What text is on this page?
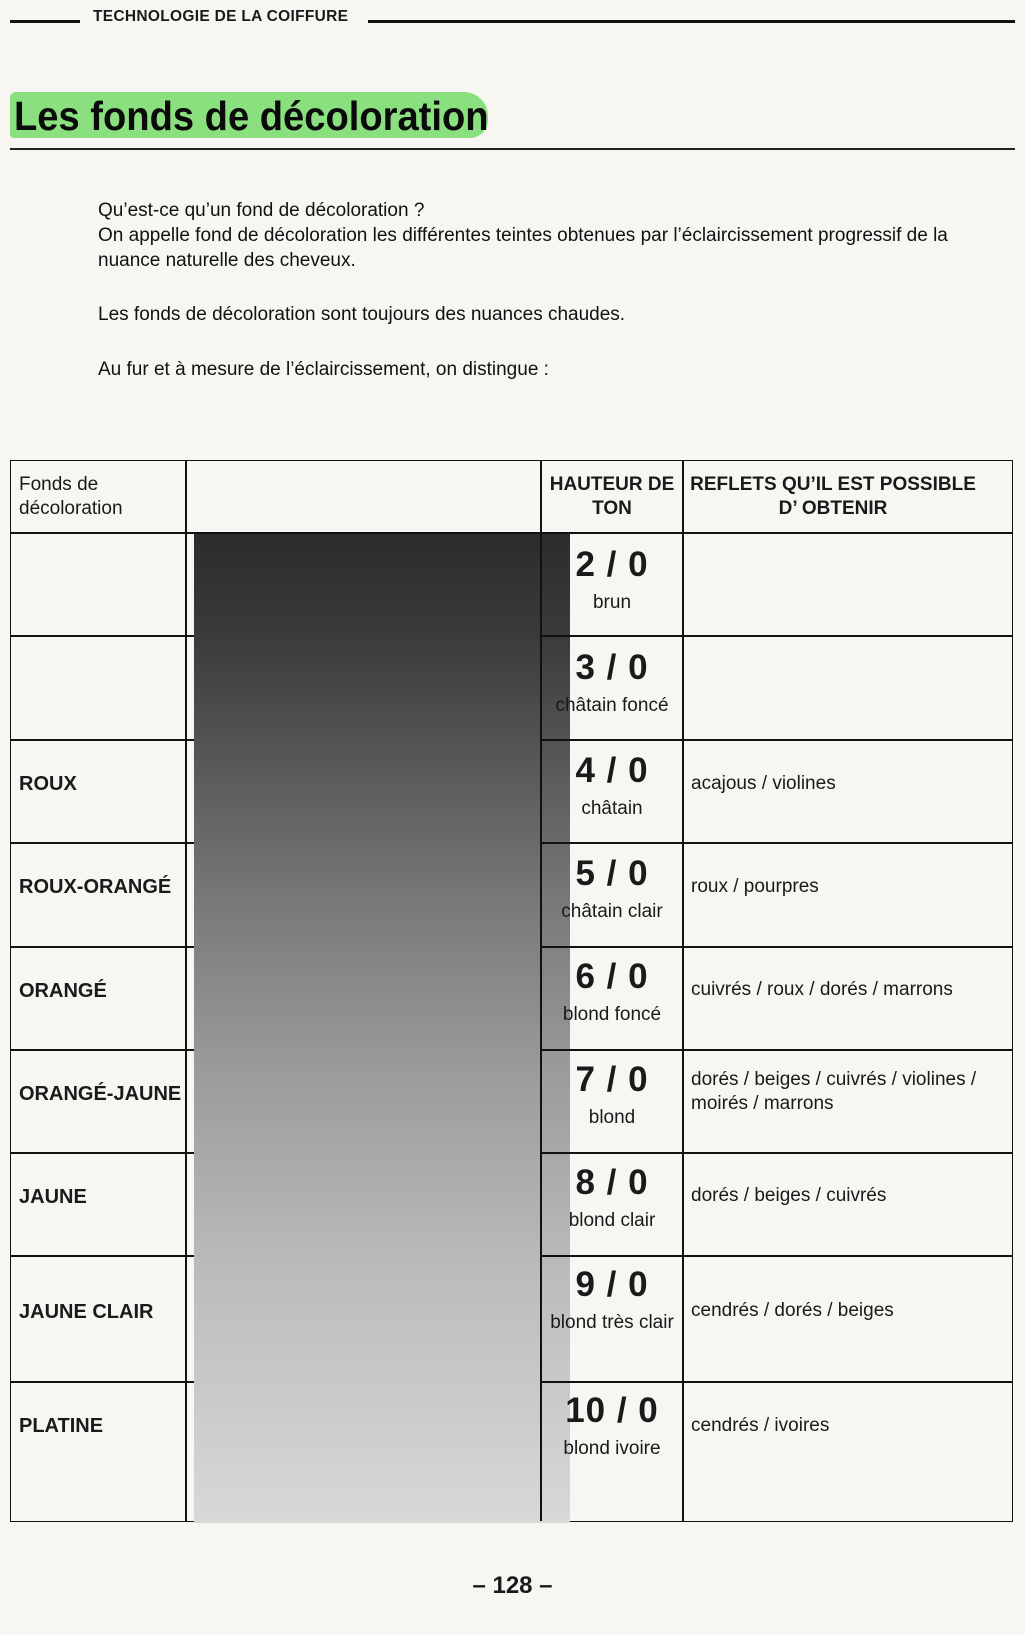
TECHNOLOGIE DE LA COIFFURE
Les fonds de décoloration

Qu’est-ce qu’un fond de décoloration ?

On appelle fond de décoloration les différentes teintes obtenues par l’éclaircissement progressif de la nuance naturelle des cheveux.

Les fonds de décoloration sont toujours des nuances chaudes.

Au fur et à mesure de l’éclaircissement, on distingue :

Fonds de décoloration
HAUTEUR DE TON
REFLETS QU’IL EST POSSIBLE D’ OBTENIR
2 / 0
brun
ROUX
ROUX-ORANGÉ
ORANGÉ
ORANGÉ-JAUNE
JAUNE
JAUNE CLAIR
PLATINE
3 / 0
châtain foncé
4 / 0
châtain
5 / 0
châtain clair
6 / 0
blond foncé
7 / 0
blond
8 / 0
blond clair
9 / 0
blond très clair
10 / 0
blond ivoire
acajous / violines
roux / pourpres
cuivrés / roux / dorés / marrons
dorés / beiges / cuivrés / violines / moirés / marrons
dorés / beiges / cuivrés
cendrés / dorés / beiges
cendrés / ivoires
– 128 –
